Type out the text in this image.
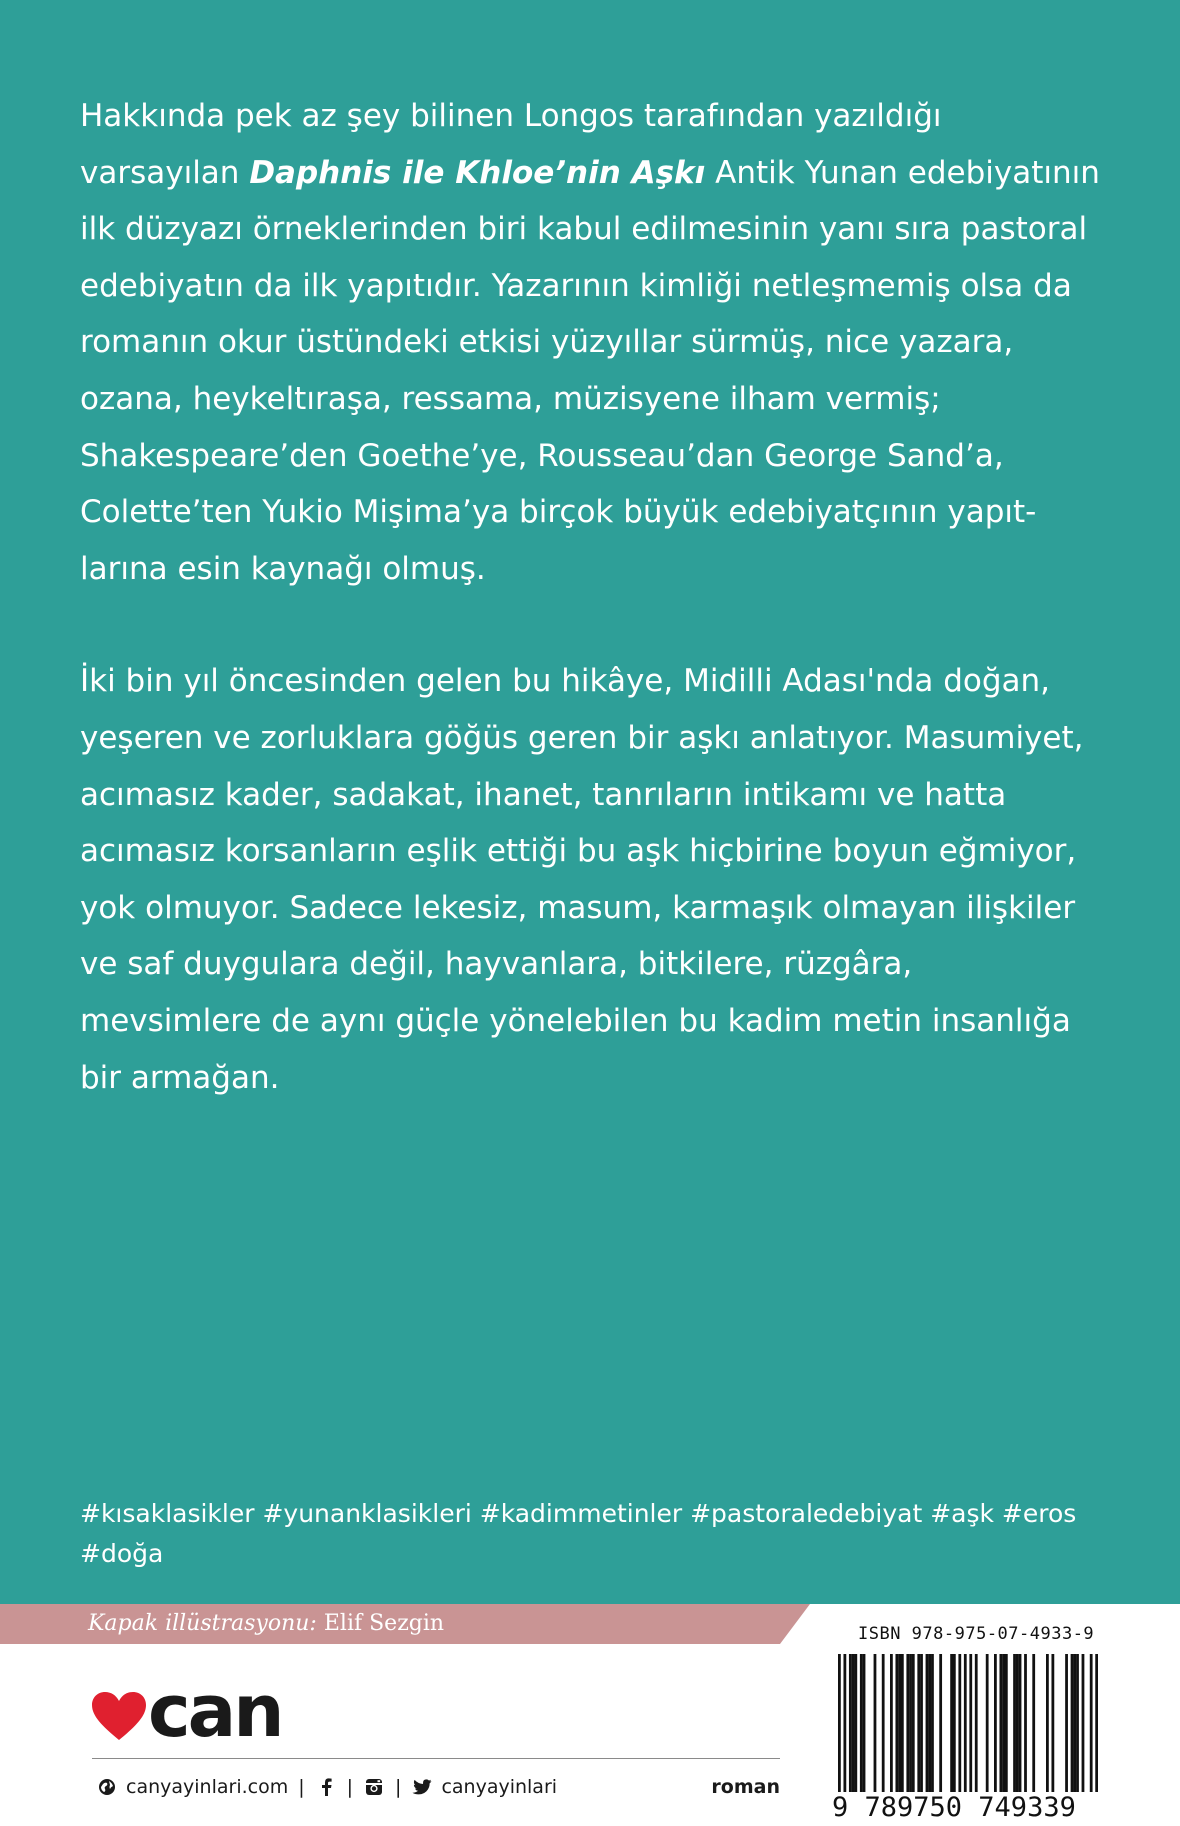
Hakkında pek az şey bilinen Longos tarafından yazıldığı varsayılan Daphnis ile Khloe’nin Aşkı Antik Yunan edebiyatının ilk düzyazı örneklerinden biri kabul edilmesinin yanı sıra pastoral edebiyatın da ilk yapıtıdır. Yazarının kimliği netleşmemiş olsa da romanın okur üstündeki etkisi yüzyıllar sürmüş, nice yazara, ozana, heykeltıraşa, ressama, müzisyene ilham vermiş; Shakespeare’den Goethe’ye, Rousseau’dan George Sand’a, Colette’ten Yukio Mişima’ya birçok büyük edebiyatçının yapıtlarına esin kaynağı olmuş.

İki bin yıl öncesinden gelen bu hikâye, Midilli Adası'nda doğan, yeşeren ve zorluklara göğüs geren bir aşkı anlatıyor. Masumiyet, acımasız kader, sadakat, ihanet, tanrıların intikamı ve hatta acımasız korsanların eşlik ettiği bu aşk hiçbirine boyun eğmiyor, yok olmuyor. Sadece lekesiz, masum, karmaşık olmayan ilişkiler ve saf duygulara değil, hayvanlara, bitkilere, rüzgâra, mevsimlere de aynı güçle yönelebilen bu kadim metin insanlığa bir armağan.

#kısaklasikler #yunanklasikleri #kadimmetinler #pastoraledebiyat #aşk #eros #doğa
Kapak illüstrasyonu: Elif Sezgin
can
canyayinlari.com | | | canyayinlari	roman
ISBN 978-975-07-4933-9
9 789750 749339
